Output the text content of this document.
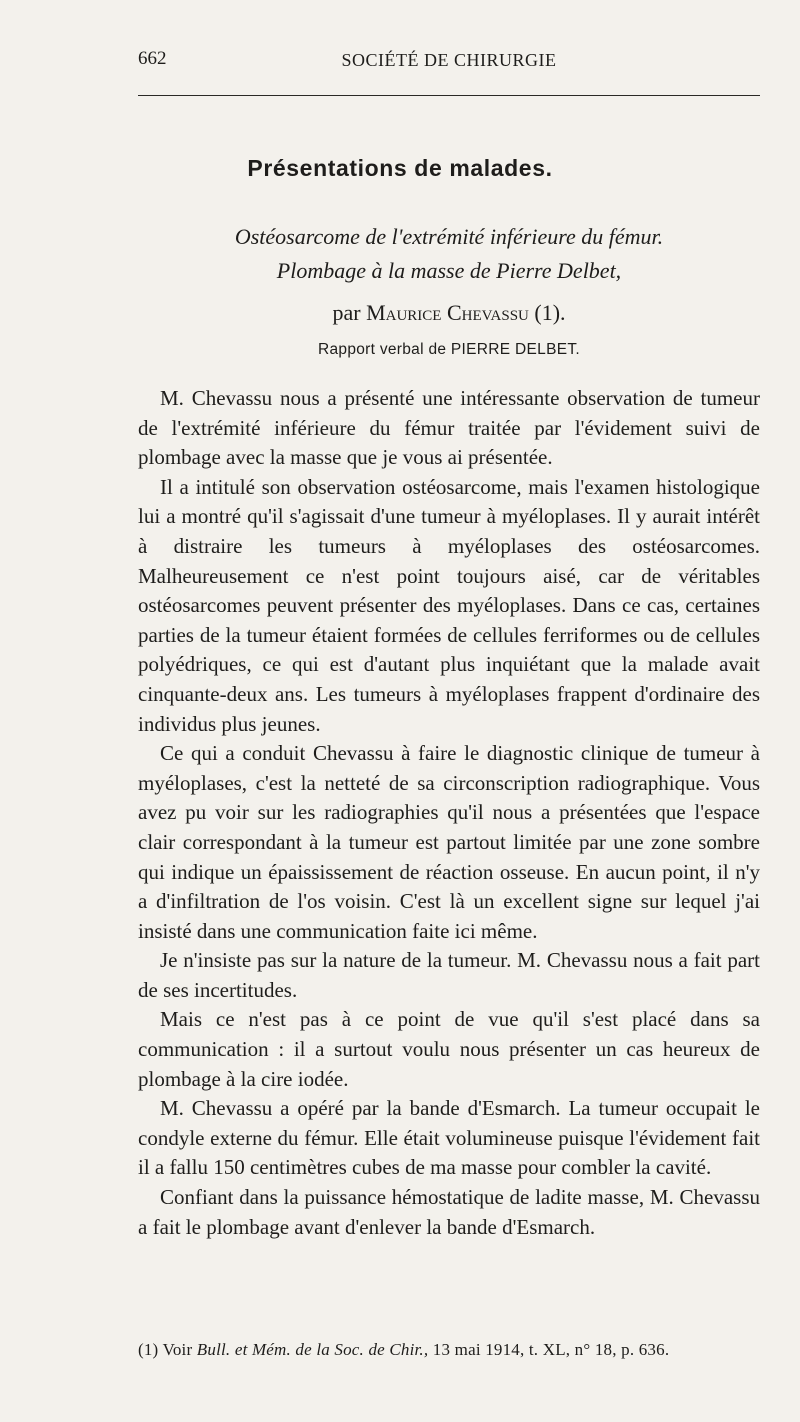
662	SOCIÉTÉ DE CHIRURGIE
Présentations de malades.
Ostéosarcome de l'extrémité inférieure du fémur.
Plombage à la masse de Pierre Delbet,
par Maurice Chevassu (1).
Rapport verbal de PIERRE DELBET.

M. Chevassu nous a présenté une intéressante observation de tumeur de l'extrémité inférieure du fémur traitée par l'évidement suivi de plombage avec la masse que je vous ai présentée.

Il a intitulé son observation ostéosarcome, mais l'examen histologique lui a montré qu'il s'agissait d'une tumeur à myéloplases. Il y aurait intérêt à distraire les tumeurs à myéloplases des ostéosarcomes. Malheureusement ce n'est point toujours aisé, car de véritables ostéosarcomes peuvent présenter des myéloplases. Dans ce cas, certaines parties de la tumeur étaient formées de cellules ferriformes ou de cellules polyédriques, ce qui est d'autant plus inquiétant que la malade avait cinquante-deux ans. Les tumeurs à myéloplases frappent d'ordinaire des individus plus jeunes.

Ce qui a conduit Chevassu à faire le diagnostic clinique de tumeur à myéloplases, c'est la netteté de sa circonscription radiographique. Vous avez pu voir sur les radiographies qu'il nous a présentées que l'espace clair correspondant à la tumeur est partout limitée par une zone sombre qui indique un épaississement de réaction osseuse. En aucun point, il n'y a d'infiltration de l'os voisin. C'est là un excellent signe sur lequel j'ai insisté dans une communication faite ici même.

Je n'insiste pas sur la nature de la tumeur. M. Chevassu nous a fait part de ses incertitudes.

Mais ce n'est pas à ce point de vue qu'il s'est placé dans sa communication : il a surtout voulu nous présenter un cas heureux de plombage à la cire iodée.

M. Chevassu a opéré par la bande d'Esmarch. La tumeur occupait le condyle externe du fémur. Elle était volumineuse puisque l'évidement fait il a fallu 150 centimètres cubes de ma masse pour combler la cavité.

Confiant dans la puissance hémostatique de ladite masse, M. Chevassu a fait le plombage avant d'enlever la bande d'Esmarch.

(1) Voir Bull. et Mém. de la Soc. de Chir., 13 mai 1914, t. XL, n° 18, p. 636.
